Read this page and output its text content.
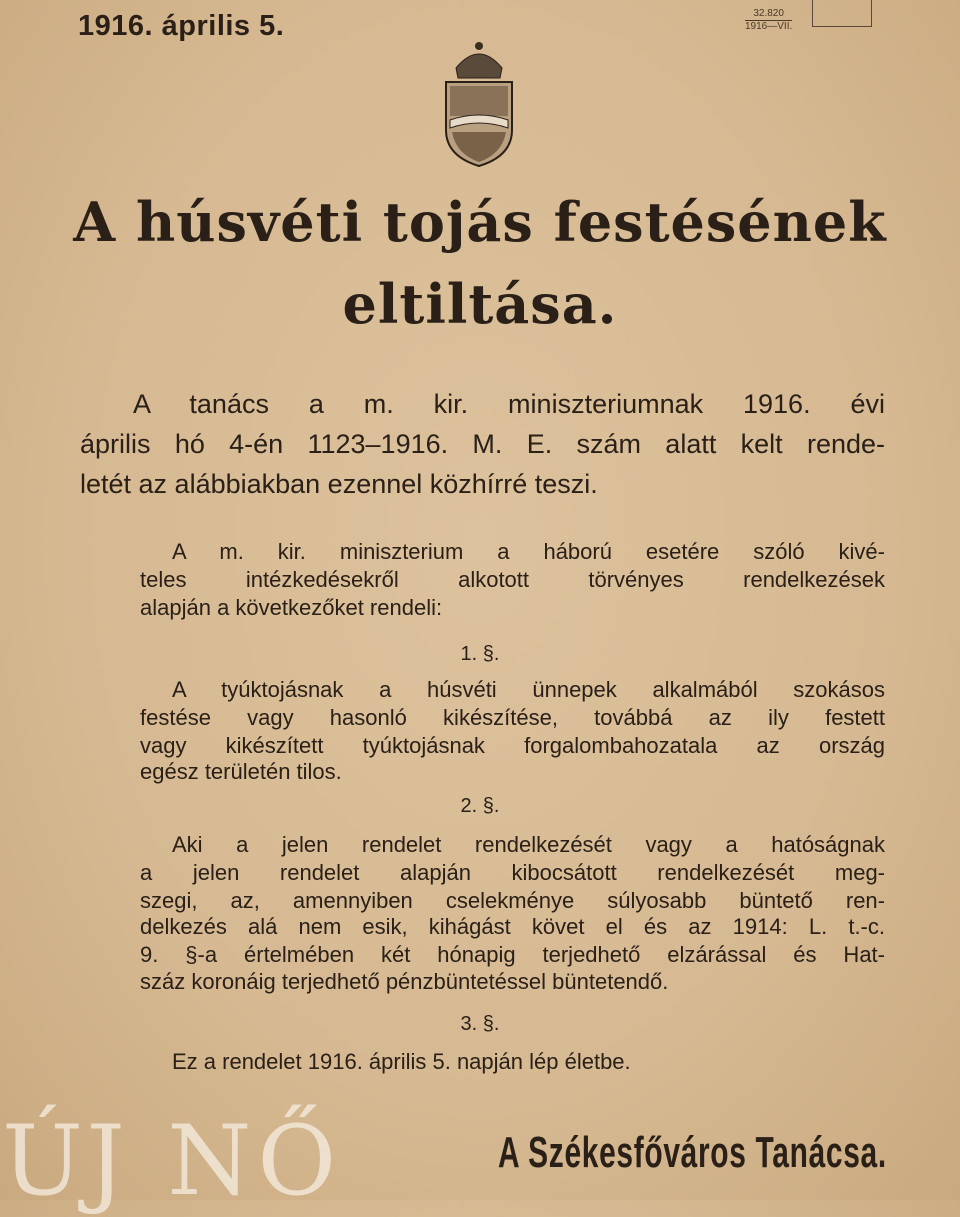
1916. április 5.	32.820
1916—VII.
A húsvéti tojás festésének
eltiltása.
A tanács a m. kir. miniszteriumnak 1916. évi
április hó 4-én 1123–1916. M. E. szám alatt kelt rende-
letét az alábbiakban ezennel közhírré teszi.
A m. kir. miniszterium a háború esetére szóló kivé-
teles intézkedésekről alkotott törvényes rendelkezések
alapján a következőket rendeli:
1. §.
A tyúktojásnak a húsvéti ünnepek alkalmából szokásos
festése vagy hasonló kikészítése, továbbá az ily festett
vagy kikészített tyúktojásnak forgalombahozatala az ország
egész területén tilos.
2. §.
Aki a jelen rendelet rendelkezését vagy a hatóságnak
a jelen rendelet alapján kibocsátott rendelkezését meg-
szegi, az, amennyiben cselekménye súlyosabb büntető ren-
delkezés alá nem esik, kihágást követ el és az 1914: L. t.-c.
9. §-a értelmében két hónapig terjedhető elzárással és Hat-
száz koronáig terjedhető pénzbüntetéssel büntetendő.
3. §.
Ez a rendelet 1916. április 5. napján lép életbe.
A Székesfőváros Tanácsa.
ÚJ NŐ
